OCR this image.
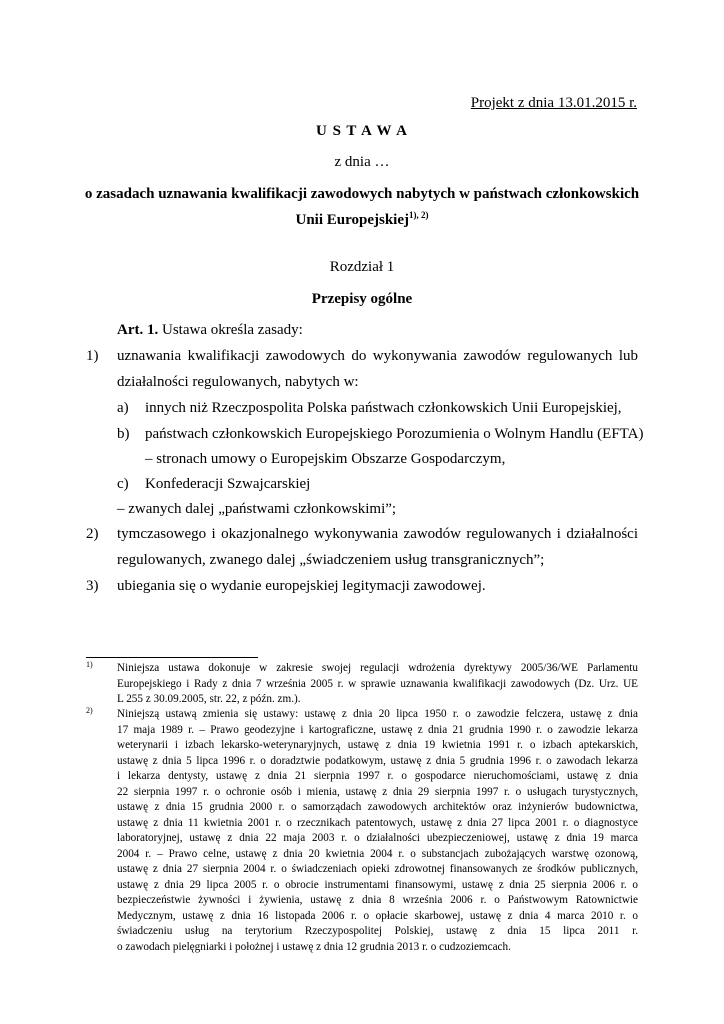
Projekt z dnia 13.01.2015 r.
U S T A W A
z dnia …
o zasadach uznawania kwalifikacji zawodowych nabytych w państwach członkowskich
Unii Europejskiej$^{1), 2)}$
Rozdział 1
Przepisy ogólne
Art. 1. Ustawa określa zasady:
1) uznawania kwalifikacji zawodowych do wykonywania zawodów regulowanych lub
działalności regulowanych, nabytych w:
a) innych niż Rzeczpospolita Polska państwach członkowskich Unii Europejskiej,
b) państwach członkowskich Europejskiego Porozumienia o Wolnym Handlu (EFTA)
– stronach umowy o Europejskim Obszarze Gospodarczym,
c) Konfederacji Szwajcarskiej
– zwanych dalej „państwami członkowskimi”;
2) tymczasowego i okazjonalnego wykonywania zawodów regulowanych i działalności
regulowanych, zwanego dalej „świadczeniem usług transgranicznych”;
3) ubiegania się o wydanie europejskiej legitymacji zawodowej.
1) Niniejsza ustawa dokonuje w zakresie swojej regulacji wdrożenia dyrektywy 2005/36/WE Parlamentu
Europejskiego i Rady z dnia 7 września 2005 r. w sprawie uznawania kwalifikacji zawodowych (Dz. Urz. UE
L 255 z 30.09.2005, str. 22, z późn. zm.).
2) Niniejszą ustawą zmienia się ustawy: ustawę z dnia 20 lipca 1950 r. o zawodzie felczera, ustawę z dnia
17 maja 1989 r. – Prawo geodezyjne i kartograficzne, ustawę z dnia 21 grudnia 1990 r. o zawodzie lekarza
weterynarii i izbach lekarsko-weterynaryjnych, ustawę z dnia 19 kwietnia 1991 r. o izbach aptekarskich,
ustawę z dnia 5 lipca 1996 r. o doradztwie podatkowym, ustawę z dnia 5 grudnia 1996 r. o zawodach lekarza
i lekarza dentysty, ustawę z dnia 21 sierpnia 1997 r. o gospodarce nieruchomościami, ustawę z dnia
22 sierpnia 1997 r. o ochronie osób i mienia, ustawę z dnia 29 sierpnia 1997 r. o usługach turystycznych,
ustawę z dnia 15 grudnia 2000 r. o samorządach zawodowych architektów oraz inżynierów budownictwa,
ustawę z dnia 11 kwietnia 2001 r. o rzecznikach patentowych, ustawę z dnia 27 lipca 2001 r. o diagnostyce
laboratoryjnej, ustawę z dnia 22 maja 2003 r. o działalności ubezpieczeniowej, ustawę z dnia 19 marca
2004 r. – Prawo celne, ustawę z dnia 20 kwietnia 2004 r. o substancjach zubożających warstwę ozonową,
ustawę z dnia 27 sierpnia 2004 r. o świadczeniach opieki zdrowotnej finansowanych ze środków publicznych,
ustawę z dnia 29 lipca 2005 r. o obrocie instrumentami finansowymi, ustawę z dnia 25 sierpnia 2006 r. o
bezpieczeństwie żywności i żywienia, ustawę z dnia 8 września 2006 r. o Państwowym Ratownictwie
Medycznym, ustawę z dnia 16 listopada 2006 r. o opłacie skarbowej, ustawę z dnia 4 marca 2010 r. o
świadczeniu usług na terytorium Rzeczypospolitej Polskiej, ustawę z dnia 15 lipca 2011 r.
o zawodach pielęgniarki i położnej i ustawę z dnia 12 grudnia 2013 r. o cudzoziemcach.
